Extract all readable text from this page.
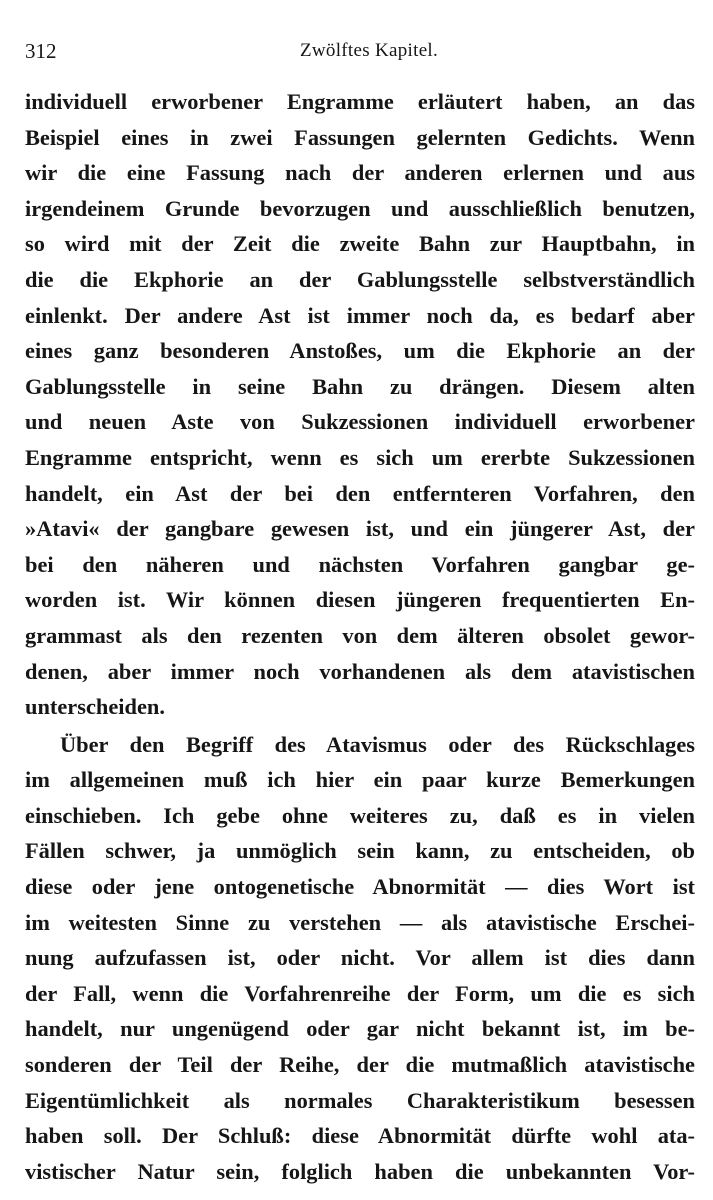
312	Zwölftes Kapitel.
individuell erworbener Engramme erläutert haben, an das
Beispiel eines in zwei Fassungen gelernten Gedichts. Wenn
wir die eine Fassung nach der anderen erlernen und aus
irgendeinem Grunde bevorzugen und ausschließlich benutzen,
so wird mit der Zeit die zweite Bahn zur Hauptbahn, in
die die Ekphorie an der Gablungsstelle selbstverständlich
einlenkt. Der andere Ast ist immer noch da, es bedarf aber
eines ganz besonderen Anstoßes, um die Ekphorie an der
Gablungsstelle in seine Bahn zu drängen. Diesem alten
und neuen Aste von Sukzessionen individuell erworbener
Engramme entspricht, wenn es sich um ererbte Sukzessionen
handelt, ein Ast der bei den entfernteren Vorfahren, den
»Atavi« der gangbare gewesen ist, und ein jüngerer Ast, der
bei den näheren und nächsten Vorfahren gangbar ge-
worden ist. Wir können diesen jüngeren frequentierten En-
grammast als den rezenten von dem älteren obsolet gewor-
denen, aber immer noch vorhandenen als dem atavistischen
unterscheiden.
Über den Begriff des Atavismus oder des Rückschlages
im allgemeinen muß ich hier ein paar kurze Bemerkungen
einschieben. Ich gebe ohne weiteres zu, daß es in vielen
Fällen schwer, ja unmöglich sein kann, zu entscheiden, ob
diese oder jene ontogenetische Abnormität — dies Wort ist
im weitesten Sinne zu verstehen — als atavistische Erschei-
nung aufzufassen ist, oder nicht. Vor allem ist dies dann
der Fall, wenn die Vorfahrenreihe der Form, um die es sich
handelt, nur ungenügend oder gar nicht bekannt ist, im be-
sonderen der Teil der Reihe, der die mutmaßlich atavistische
Eigentümlichkeit als normales Charakteristikum besessen
haben soll. Der Schluß: diese Abnormität dürfte wohl ata-
vistischer Natur sein, folglich haben die unbekannten Vor-
